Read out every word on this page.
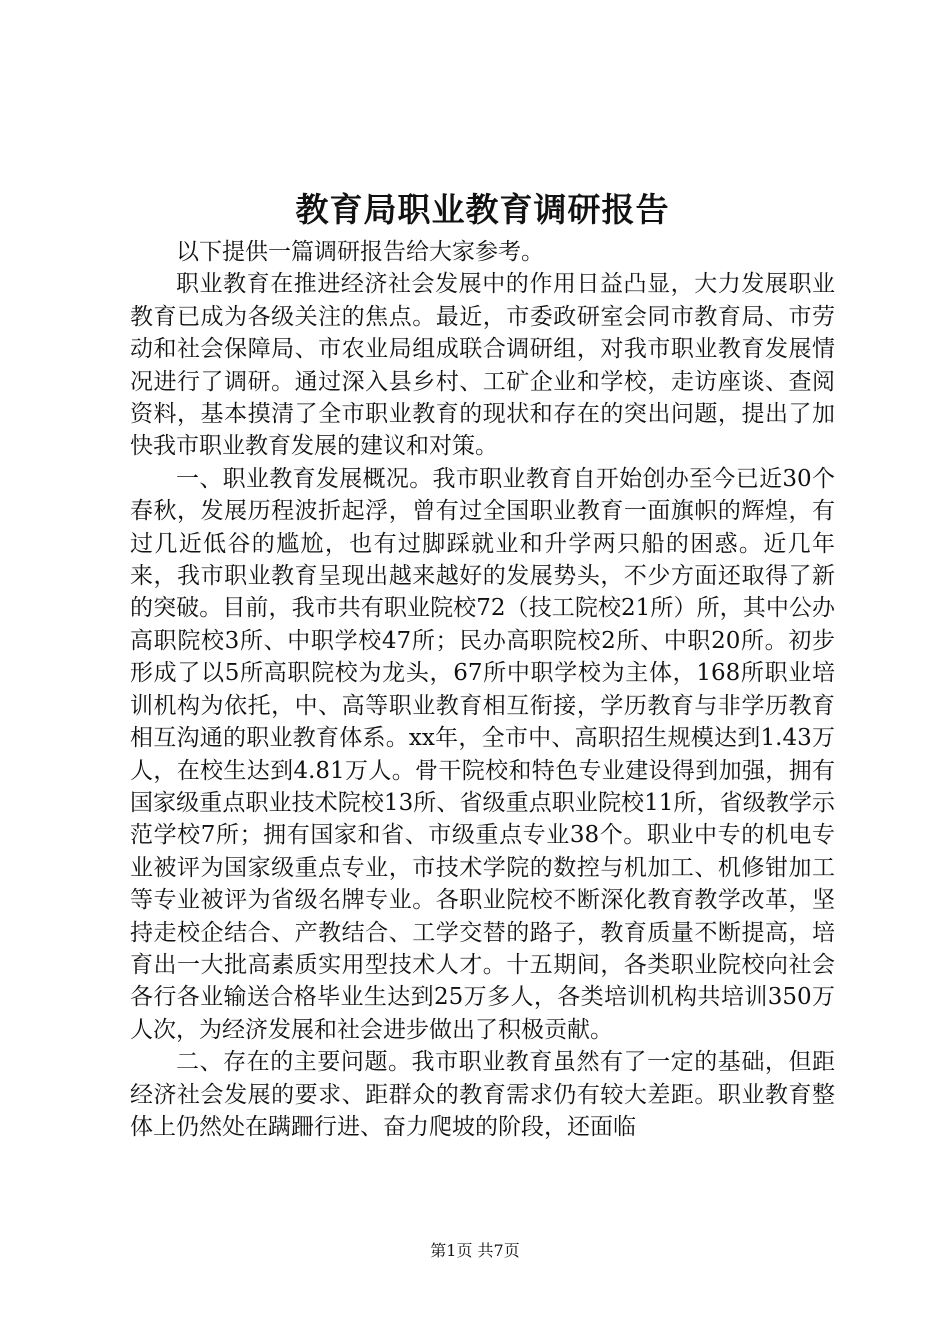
教育局职业教育调研报告

以下提供一篇调研报告给大家参考。

职业教育在推进经济社会发展中的作用日益凸显，大力发展职业教育已成为各级关注的焦点。最近，市委政研室会同市教育局、市劳动和社会保障局、市农业局组成联合调研组，对我市职业教育发展情况进行了调研。通过深入县乡村、工矿企业和学校，走访座谈、查阅资料，基本摸清了全市职业教育的现状和存在的突出问题，提出了加快我市职业教育发展的建议和对策。

一、职业教育发展概况。我市职业教育自开始创办至今已近30个春秋，发展历程波折起浮，曾有过全国职业教育一面旗帜的辉煌，有过几近低谷的尴尬，也有过脚踩就业和升学两只船的困惑。近几年来，我市职业教育呈现出越来越好的发展势头，不少方面还取得了新的突破。目前，我市共有职业院校72（技工院校21所）所，其中公办高职院校3所、中职学校47所；民办高职院校2所、中职20所。初步形成了以5所高职院校为龙头，67所中职学校为主体，168所职业培训机构为依托，中、高等职业教育相互衔接，学历教育与非学历教育相互沟通的职业教育体系。xx年，全市中、高职招生规模达到1.43万人，在校生达到4.81万人。骨干院校和特色专业建设得到加强，拥有国家级重点职业技术院校13所、省级重点职业院校11所，省级教学示范学校7所；拥有国家和省、市级重点专业38个。职业中专的机电专业被评为国家级重点专业，市技术学院的数控与机加工、机修钳加工等专业被评为省级名牌专业。各职业院校不断深化教育教学改革，坚持走校企结合、产教结合、工学交替的路子，教育质量不断提高，培育出一大批高素质实用型技术人才。十五期间，各类职业院校向社会各行各业输送合格毕业生达到25万多人，各类培训机构共培训350万人次，为经济发展和社会进步做出了积极贡献。

二、存在的主要问题。我市职业教育虽然有了一定的基础，但距经济社会发展的要求、距群众的教育需求仍有较大差距。职业教育整体上仍然处在蹒跚行进、奋力爬坡的阶段，还面临

第1页 共7页
